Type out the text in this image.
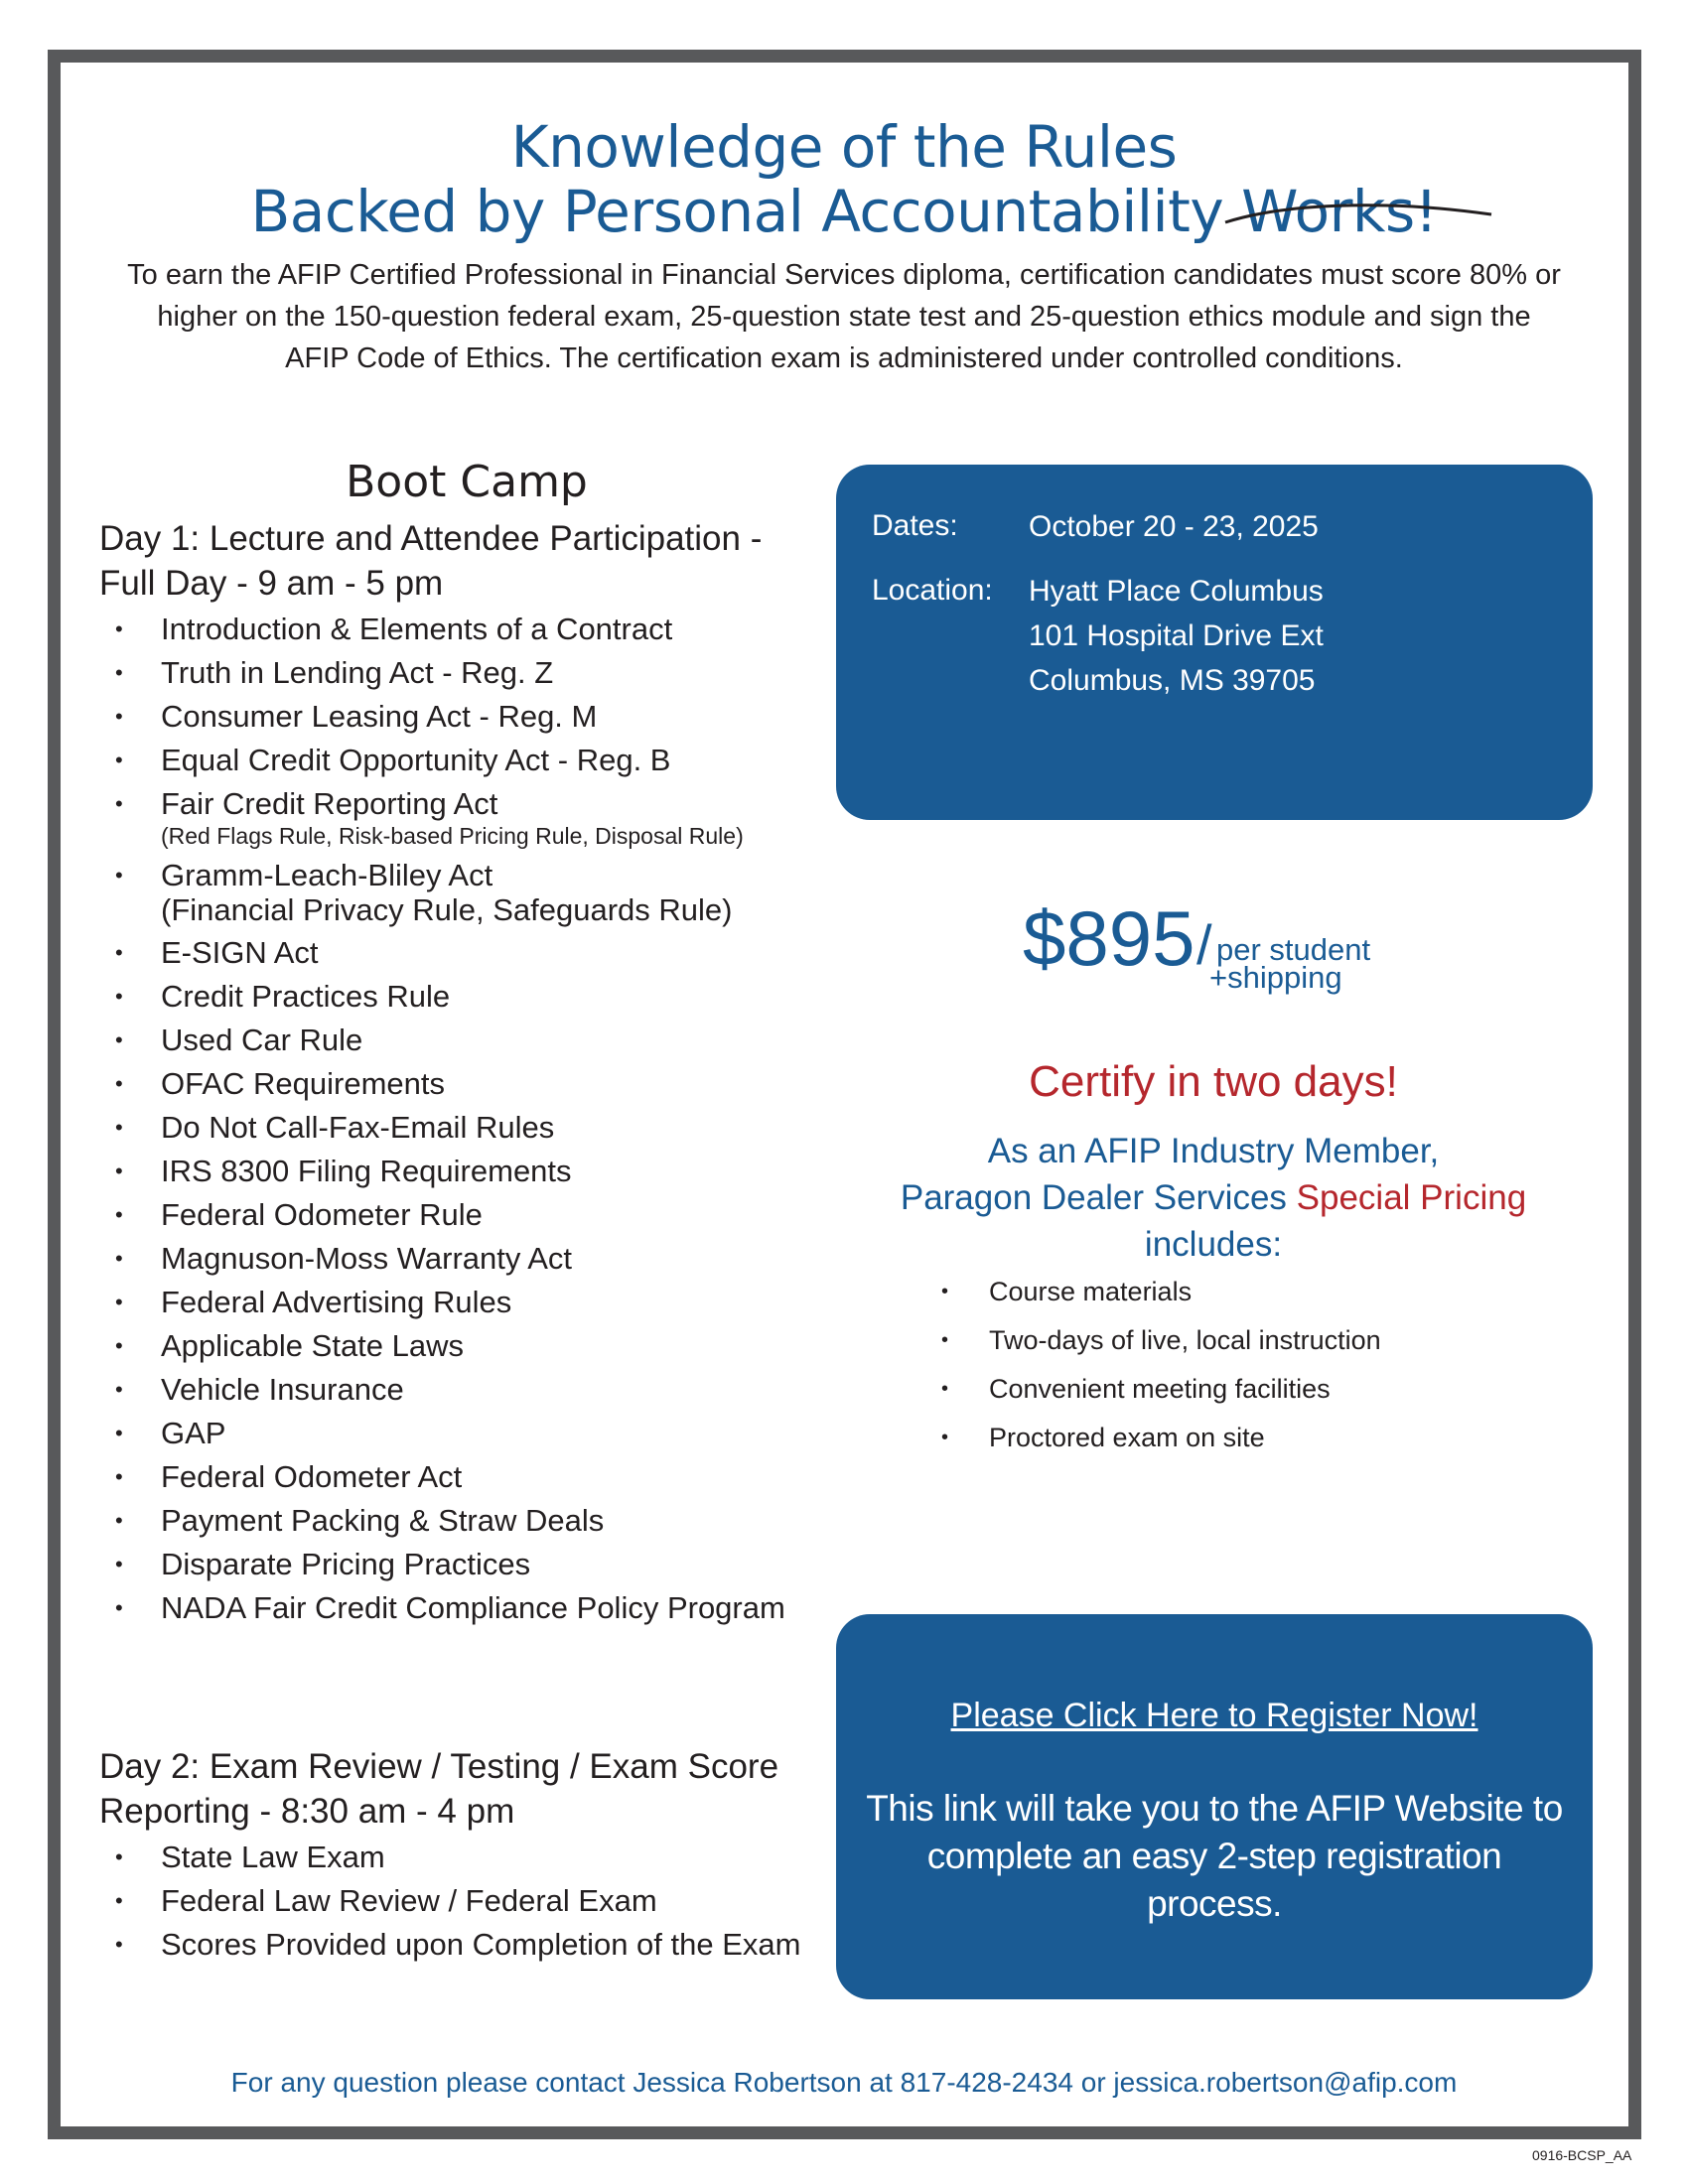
Knowledge of the Rules
Backed by Personal Accountability Works!
To earn the AFIP Certified Professional in Financial Services diploma, certification candidates must score 80% or
higher on the 150-question federal exam, 25-question state test and 25-question ethics module and sign the
AFIP Code of Ethics. The certification exam is administered under controlled conditions.
Boot Camp
Day 1: Lecture and Attendee Participation -
Full Day - 9 am - 5 pm
• Introduction & Elements of a Contract
• Truth in Lending Act - Reg. Z
• Consumer Leasing Act - Reg. M
• Equal Credit Opportunity Act - Reg. B
• Fair Credit Reporting Act
(Red Flags Rule, Risk-based Pricing Rule, Disposal Rule)
• Gramm-Leach-Bliley Act
(Financial Privacy Rule, Safeguards Rule)
• E-SIGN Act
• Credit Practices Rule
• Used Car Rule
• OFAC Requirements
• Do Not Call-Fax-Email Rules
• IRS 8300 Filing Requirements
• Federal Odometer Rule
• Magnuson-Moss Warranty Act
• Federal Advertising Rules
• Applicable State Laws
• Vehicle Insurance
• GAP
• Federal Odometer Act
• Payment Packing & Straw Deals
• Disparate Pricing Practices
• NADA Fair Credit Compliance Policy Program
Day 2: Exam Review / Testing / Exam Score
Reporting - 8:30 am - 4 pm
• State Law Exam
• Federal Law Review / Federal Exam
• Scores Provided upon Completion of the Exam
Dates: October 20 - 23, 2025
Location: Hyatt Place Columbus
101 Hospital Drive Ext
Columbus, MS 39705
$895 / per student
+shipping
Certify in two days!
As an AFIP Industry Member,
Paragon Dealer Services Special Pricing
includes:
• Course materials
• Two-days of live, local instruction
• Convenient meeting facilities
• Proctored exam on site
Please Click Here to Register Now!
This link will take you to the AFIP Website to
complete an easy 2-step registration process.

For any question please contact Jessica Robertson at 817-428-2434 or jessica.robertson@afip.com

0916-BCSP_AA
